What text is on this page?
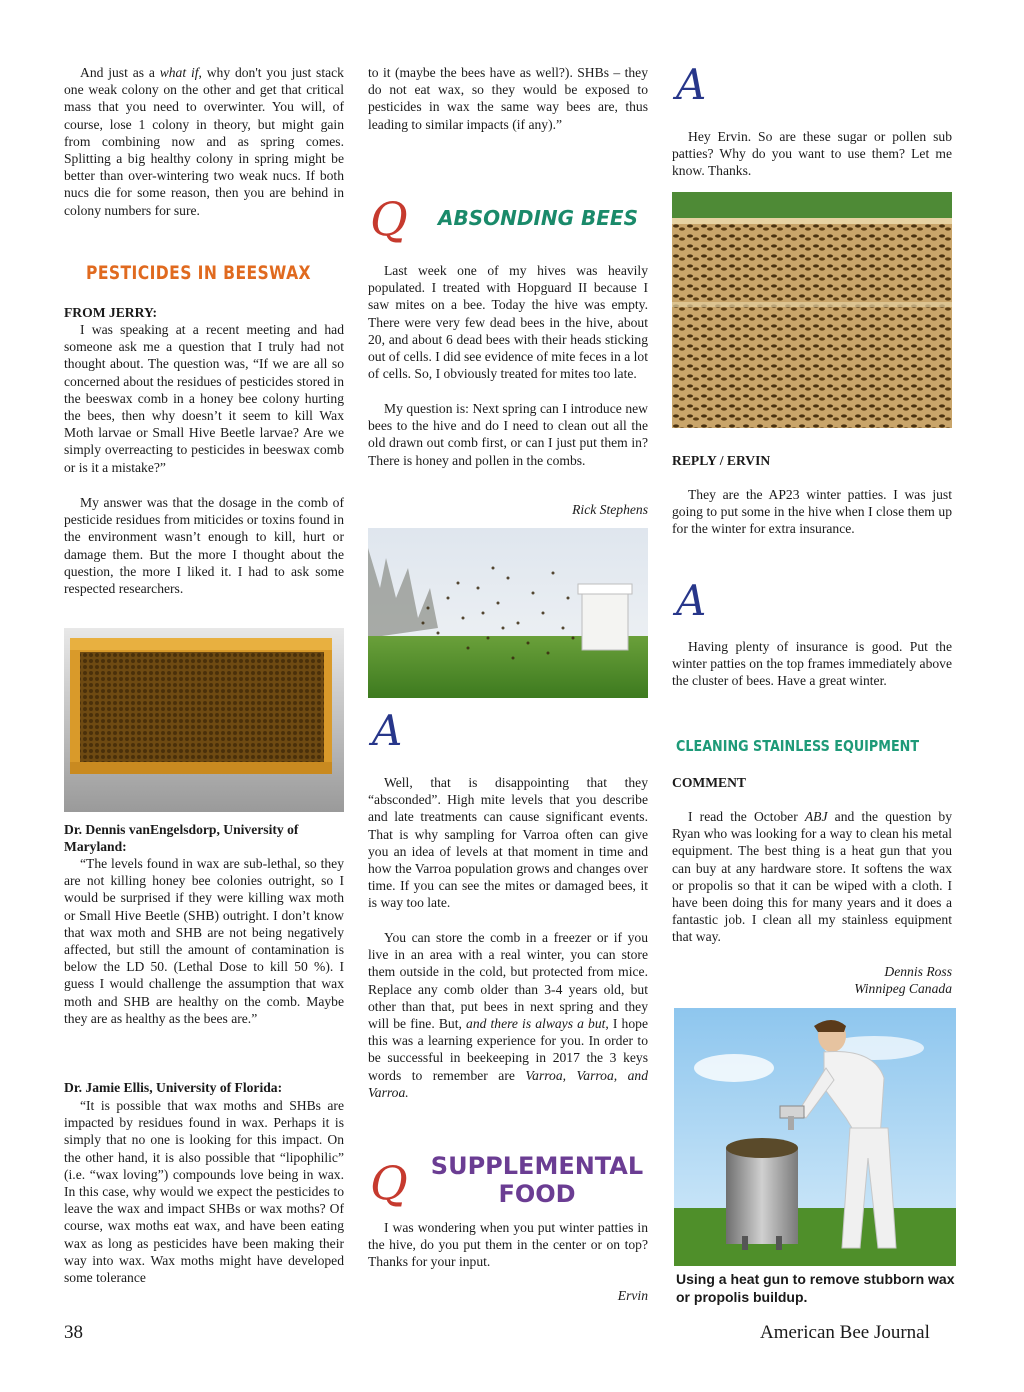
And just as a what if, why don't you just stack one weak colony on the other and get that critical mass that you need to overwinter. You will, of course, lose 1 colony in theory, but might gain from combining now and as spring comes. Splitting a big healthy colony in spring might be better than over-wintering two weak nucs. If both nucs die for some reason, then you are behind in colony numbers for sure.

PESTICIDES IN BEESWAX

FROM JERRY:

I was speaking at a recent meeting and had someone ask me a question that I truly had not thought about. The question was, “If we are all so concerned about the residues of pesticides stored in the beeswax comb in a honey bee colony hurting the bees, then why doesn’t it seem to kill Wax Moth larvae or Small Hive Beetle larvae? Are we simply overreacting to pesticides in beeswax comb or is it a mistake?”

My answer was that the dosage in the comb of pesticide residues from miticides or toxins found in the environment wasn’t enough to kill, hurt or damage them. But the more I thought about the question, the more I liked it. I had to ask some respected researchers.

Dr. Dennis vanEngelsdorp, University of Maryland:

“The levels found in wax are sub-lethal, so they are not killing honey bee colonies outright, so I would be surprised if they were killing wax moth or Small Hive Beetle (SHB) outright. I don’t know that wax moth and SHB are not being negatively affected, but still the amount of contamination is below the LD 50. (Lethal Dose to kill 50 %). I guess I would challenge the assumption that wax moth and SHB are healthy on the comb. Maybe they are as healthy as the bees are.”

Dr. Jamie Ellis, University of Florida:

“It is possible that wax moths and SHBs are impacted by residues found in wax. Perhaps it is simply that no one is looking for this impact. On the other hand, it is also possible that “lipophilic” (i.e. “wax loving”) compounds love being in wax. In this case, why would we expect the pesticides to leave the wax and impact SHBs or wax moths? Of course, wax moths eat wax, and have been eating wax as long as pesticides have been making their way into wax. Wax moths might have developed some tolerance

to it (maybe the bees have as well?). SHBs – they do not eat wax, so they would be exposed to pesticides in wax the same way bees are, thus leading to similar impacts (if any).”

Q ABSONDING BEES

Last week one of my hives was heavily populated. I treated with Hopguard II because I saw mites on a bee. Today the hive was empty. There were very few dead bees in the hive, about 20, and about 6 dead bees with their heads sticking out of cells. I did see evidence of mite feces in a lot of cells. So, I obviously treated for mites too late.

My question is: Next spring can I introduce new bees to the hive and do I need to clean out all the old drawn out comb first, or can I just put them in? There is honey and pollen in the combs.

Rick Stephens
A

Well, that is disappointing that they “absconded”. High mite levels that you describe and late treatments can cause significant events. That is why sampling for Varroa often can give you an idea of levels at that moment in time and how the Varroa population grows and changes over time. If you can see the mites or damaged bees, it is way too late.

You can store the comb in a freezer or if you live in an area with a real winter, you can store them outside in the cold, but protected from mice. Replace any comb older than 3-4 years old, but other than that, put bees in next spring and they will be fine. But, and there is always a but, I hope this was a learning experience for you. In order to be successful in beekeeping in 2017 the 3 keys words to remember are Varroa, Varroa, and Varroa.

Q SUPPLEMENTAL
FOOD

I was wondering when you put winter patties in the hive, do you put them in the center or on top? Thanks for your input.

Ervin
A

Hey Ervin. So are these sugar or pollen sub patties? Why do you want to use them? Let me know. Thanks.

REPLY / ERVIN

They are the AP23 winter patties. I was just going to put some in the hive when I close them up for the winter for extra insurance.

A

Having plenty of insurance is good. Put the winter patties on the top frames immediately above the cluster of bees. Have a great winter.

CLEANING STAINLESS EQUIPMENT

COMMENT

I read the October ABJ and the question by Ryan who was looking for a way to clean his metal equipment. The best thing is a heat gun that you can buy at any hardware store. It softens the wax or propolis so that it can be wiped with a cloth. I have been doing this for many years and it does a fantastic job. I clean all my stainless equipment that way.

Dennis Ross
Winnipeg Canada
Using a heat gun to remove stubborn wax or propolis buildup.
38	American Bee Journal
